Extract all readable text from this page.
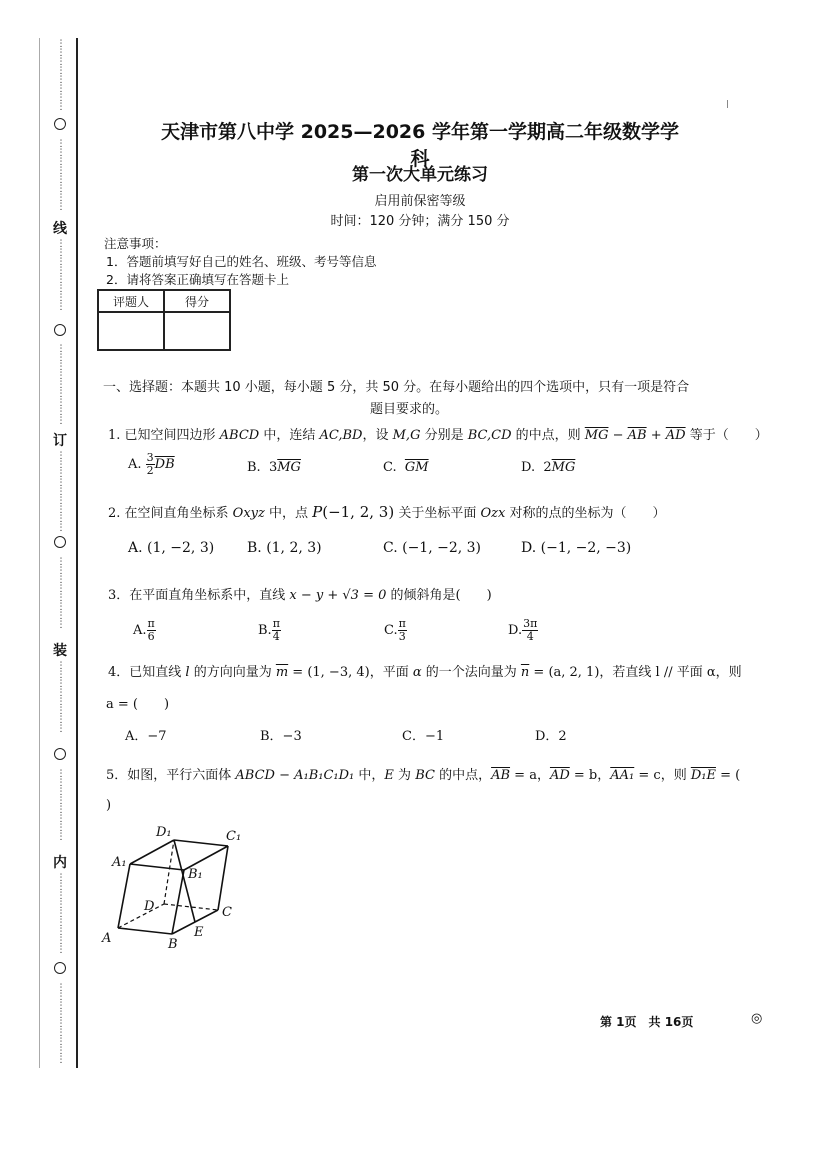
⋮
⋮
⋮
⋮
⋮
⋮
⋮
⋮
⋮
⋮
⋮
⋮
⋮
⋮
⋮
⋮
线
⋮
⋮
⋮
⋮
⋮
⋮
⋮
⋮
⋮
⋮
⋮
⋮
⋮
⋮
⋮
⋮
⋮
订
⋮
⋮
⋮
⋮
⋮
⋮
⋮
⋮
⋮
⋮
⋮
⋮
⋮
⋮
⋮
⋮
⋮
装
⋮
⋮
⋮
⋮
⋮
⋮
⋮
⋮
⋮
⋮
⋮
⋮
⋮
⋮
⋮
⋮
内
⋮
⋮
⋮
⋮
⋮
⋮
⋮
⋮
⋮
⋮
⋮
⋮
⋮
⋮
⋮
⋮
⋮
⋮
天津市第八中学 2025—2026 学年第一学期高二年级数学学科
第一次大单元练习
启用前保密等级
时间：120 分钟；满分 150 分
注意事项：
1．答题前填写好自己的姓名、班级、考号等信息
2．请将答案正确填写在答题卡上
评题人	得分

一、选择题：本题共 10 小题，每小题 5 分，共 50 分。在每小题给出的四个选项中，只有一项是符合
题目要求的。
1. 已知空间四边形 ABCD 中，连结 AC,BD，设 M,G 分别是 BC,CD 的中点，则 $\overline{MG} - \overline{AB} + \overline{AD}$ 等于（　　）
A. $\frac{3}{2} \overline{DB}$	B. $3\overline{MG}$	C. $\overline{GM}$	D. $2\overline{MG}$
2. 在空间直角坐标系 Oxyz 中，点 P(−1, 2, 3) 关于坐标平面 Ozx 对称的点的坐标为（　　）
A. (1, −2, 3) B. (1, 2, 3)	C. (−1, −2, 3)	D. (−1, −2, −3)
3．在平面直角坐标系中，直线 x − y + √3 = 0 的倾斜角是(　　)
A. $\frac{\pi}{6}$	B. $\frac{\pi}{4}$	C. $\frac{\pi}{3}$	D. $\frac{3\pi}{4}$
4．已知直线 l 的方向向量为 $\overline{m} = (1$, −3, 4)，平面 α 的一个法向量为 $\overline{n} = (a$, 2, 1)，若直线 l // 平面 α，则
a = (　　)
A．−7	B．−3	C．−1	D．2
5．如图，平行六面体 ABCD − A₁B₁C₁D₁ 中，E 为 BC 的中点，$\overline{AB} = a$，$\overline{AD} = b$，AA₁ = c，则 D₁E = (
)
A	B
C
D
A₁
B₁
C₁
D₁
E
第 1页　共 16页	◎
